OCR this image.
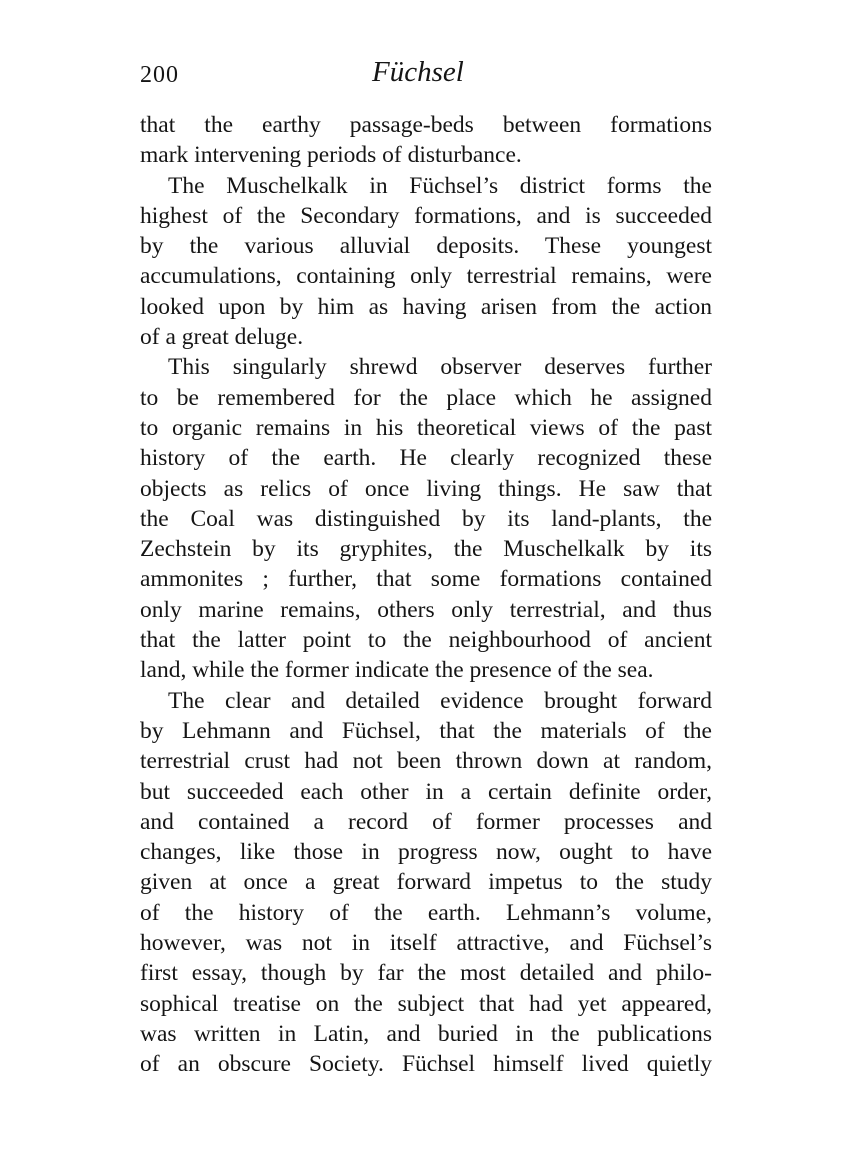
200	Füchsel
that the earthy passage-beds between formations
mark intervening periods of disturbance.
The Muschelkalk in Füchsel’s district forms the
highest of the Secondary formations, and is succeeded
by the various alluvial deposits. These youngest
accumulations, containing only terrestrial remains, were
looked upon by him as having arisen from the action
of a great deluge.
This singularly shrewd observer deserves further
to be remembered for the place which he assigned
to organic remains in his theoretical views of the past
history of the earth. He clearly recognized these
objects as relics of once living things. He saw that
the Coal was distinguished by its land-plants, the
Zechstein by its gryphites, the Muschelkalk by its
ammonites ; further, that some formations contained
only marine remains, others only terrestrial, and thus
that the latter point to the neighbourhood of ancient
land, while the former indicate the presence of the sea.
The clear and detailed evidence brought forward
by Lehmann and Füchsel, that the materials of the
terrestrial crust had not been thrown down at random,
but succeeded each other in a certain definite order,
and contained a record of former processes and
changes, like those in progress now, ought to have
given at once a great forward impetus to the study
of the history of the earth. Lehmann’s volume,
however, was not in itself attractive, and Füchsel’s
first essay, though by far the most detailed and philo-
sophical treatise on the subject that had yet appeared,
was written in Latin, and buried in the publications
of an obscure Society. Füchsel himself lived quietly
